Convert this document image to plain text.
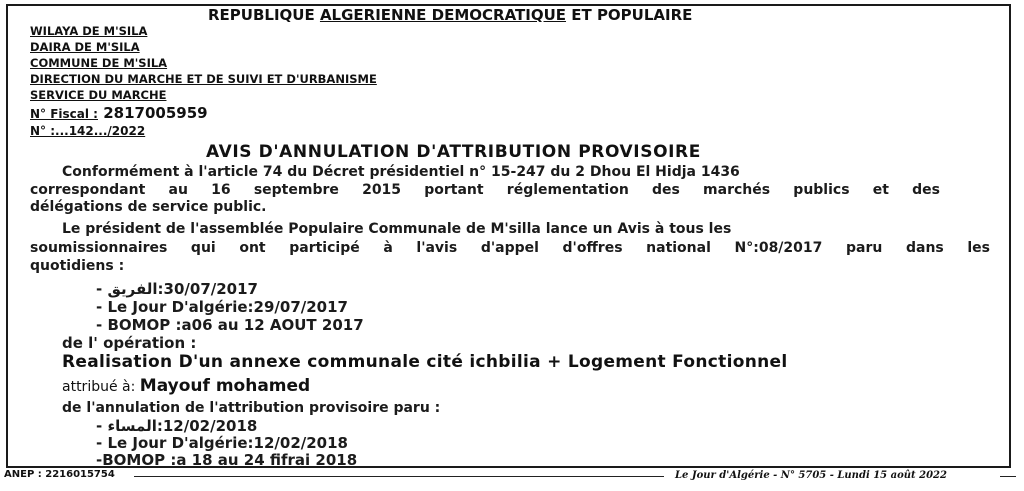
REPUBLIQUE ALGERIENNE DEMOCRATIQUE ET POPULAIRE
WILAYA DE M'SILA
DAIRA DE M'SILA
COMMUNE DE M'SILA
DIRECTION DU MARCHE ET DE SUIVI ET D'URBANISME
SERVICE DU MARCHE
N° Fiscal : 2817005959
N° :...142.../2022
AVIS D'ANNULATION D'ATTRIBUTION PROVISOIRE
Conformément à l'article 74 du Décret présidentiel n° 15-247 du 2 Dhou El Hidja 1436
correspondant au 16 septembre 2015 portant réglementation des marchés publics et des
délégations de service public.
Le président de l'assemblée Populaire Communale de M'silla lance un Avis à tous les
soumissionnaires qui ont participé à l'avis d'appel d'offres national N°:08/2017 paru dans les
quotidiens :
- الفريق:30/07/2017
- Le Jour D'algérie:29/07/2017
- BOMOP :a06 au 12 AOUT 2017
de l' opération :
Realisation D'un annexe communale cité ichbilia + Logement Fonctionnel
attribué à: Mayouf mohamed
de l'annulation de l'attribution provisoire paru :
- المساء:12/02/2018
- Le Jour D'algérie:12/02/2018
-BOMOP :a 18 au 24 fifrai 2018
ANEP : 2216015754	Le Jour d'Algérie - N° 5705 - Lundi 15 août 2022
